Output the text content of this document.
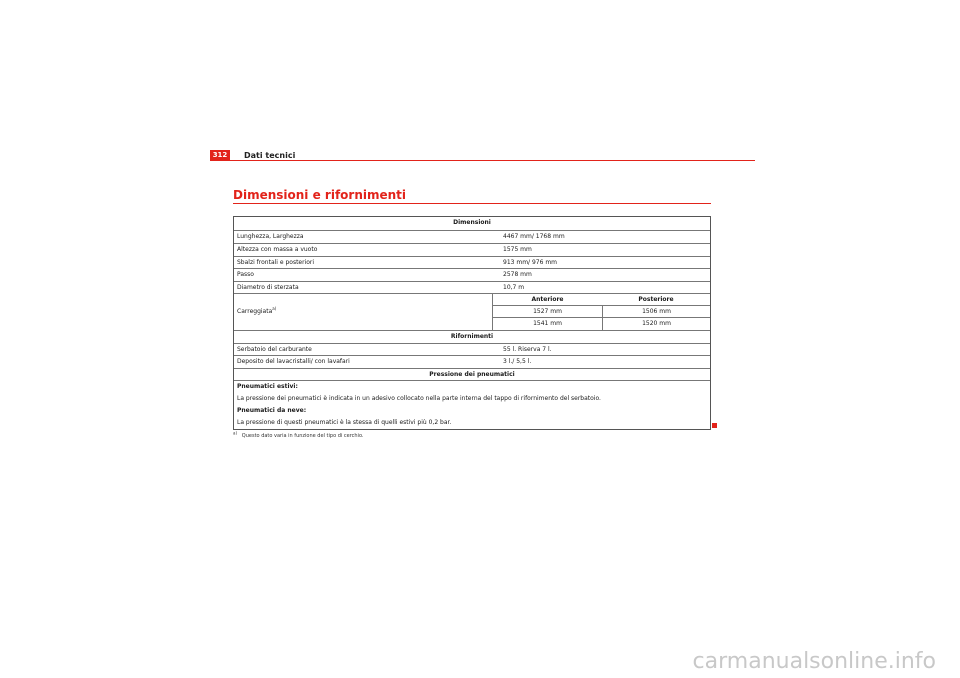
312	Dati tecnici
Dimensioni e rifornimenti
Dimensioni
Lunghezza, Larghezza	4467 mm/ 1768 mm
Altezza con massa a vuoto	1575 mm
Sbalzi frontali e posteriori	913 mm/ 976 mm
Passo	2578 mm
Diametro di sterzata	10,7 m
Carreggiata$^{a)}$
Anteriore	Posteriore
1527 mm	1506 mm
1541 mm	1520 mm
Rifornimenti
Serbatoio del carburante	55 l. Riserva 7 l.
Deposito del lavacristalli/ con lavafari	3 l./ 5,5 l.
Pressione dei pneumatici
Pneumatici estivi:
La pressione dei pneumatici è indicata in un adesivo collocato nella parte interna del tappo di rifornimento del serbatoio.
Pneumatici da neve:
La pressione di questi pneumatici è la stessa di quelli estivi più 0,2 bar.
$^{a)}$   Questo dato varia in funzione del tipo di cerchio.
carmanualsonline.info
